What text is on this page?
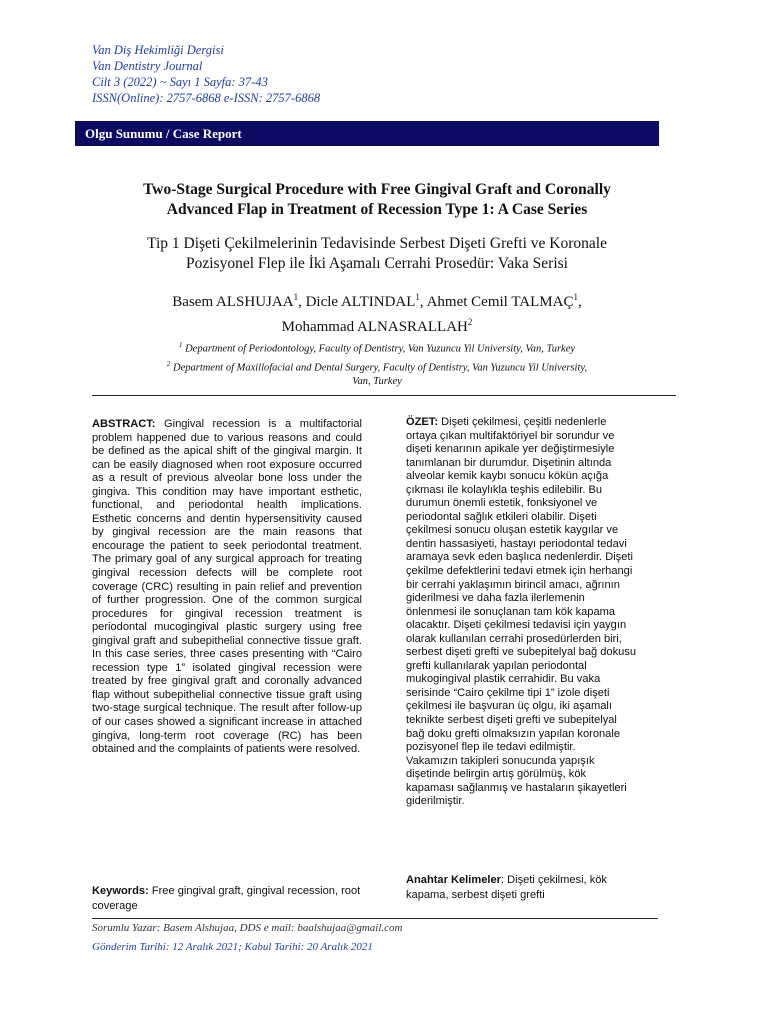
Van Diş Hekimliği Dergisi
Van Dentistry Journal
Cilt 3 (2022) ~ Sayı 1 Sayfa: 37-43
ISSN(Online): 2757-6868 e-ISSN: 2757-6868
Olgu Sunumu / Case Report
Two-Stage Surgical Procedure with Free Gingival Graft and Coronally
Advanced Flap in Treatment of Recession Type 1: A Case Series
Tip 1 Dişeti Çekilmelerinin Tedavisinde Serbest Dişeti Grefti ve Koronale
Pozisyonel Flep ile İki Aşamalı Cerrahi Prosedür: Vaka Serisi
Basem ALSHUJAA$^1$, Dicle ALTINDAL$^1$, Ahmet Cemil TALMAÇ$^1$,
Mohammad ALNASRALLAH$^2$
$^1$ Department of Periodontology, Faculty of Dentistry, Van Yuzuncu Yil University, Van, Turkey
$^2$ Department of Maxillofacial and Dental Surgery, Faculty of Dentistry, Van Yuzuncu Yil University,
Van, Turkey
ABSTRACT: Gingival recession is a multifactorial problem happened due to various reasons and could be defined as the apical shift of the gingival margin. It can be easily diagnosed when root exposure occurred as a result of previous alveolar bone loss under the gingiva. This condition may have important esthetic, functional, and periodontal health implications. Esthetic concerns and dentin hypersensitivity caused by gingival recession are the main reasons that encourage the patient to seek periodontal treatment. The primary goal of any surgical approach for treating gingival recession defects will be complete root coverage (CRC) resulting in pain relief and prevention of further progression. One of the common surgical procedures for gingival recession treatment is periodontal mucogingival plastic surgery using free gingival graft and subepithelial connective tissue graft. In this case series, three cases presenting with “Cairo recession type 1” isolated gingival recession were treated by free gingival graft and coronally advanced flap without subepithelial connective tissue graft using two-stage surgical technique. The result after follow-up of our cases showed a significant increase in attached gingiva, long-term root coverage (RC) has been obtained and the complaints of patients were resolved.
ÖZET: Dişeti çekilmesi, çeşitli nedenlerle
ortaya çıkan multifaktöriyel bir sorundur ve
dişeti kenarının apikale yer değiştirmesiyle
tanımlanan bir durumdur. Dişetinin altında
alveolar kemik kaybı sonucu kökün açığa
çıkması ile kolaylıkla teşhis edilebilir. Bu
durumun önemli estetik, fonksiyonel ve
periodontal sağlık etkileri olabilir. Dişeti
çekilmesi sonucu oluşan estetik kaygılar ve
dentin hassasiyeti, hastayı periodontal tedavi
aramaya sevk eden başlıca nedenlerdir. Dişeti
çekilme defektlerini tedavi etmek için herhangi
bir cerrahi yaklaşımın birincil amacı, ağrının
giderilmesi ve daha fazla ilerlemenin
önlenmesi ile sonuçlanan tam kök kapama
olacaktır. Dişeti çekilmesi tedavisi için yaygın
olarak kullanılan cerrahi prosedürlerden biri,
serbest dişeti grefti ve subepitelyal bağ dokusu
grefti kullanılarak yapılan periodontal
mukogingival plastik cerrahidir. Bu vaka
serisinde “Cairo çekilme tipi 1” izole dişeti
çekilmesi ile başvuran üç olgu, iki aşamalı
teknikte serbest dişeti grefti ve subepitelyal
bağ doku grefti olmaksızın yapılan koronale
pozisyonel flep ile tedavi edilmiştir.
Vakamızın takipleri sonucunda yapışık
dişetinde belirgin artış görülmüş, kök
kapaması sağlanmış ve hastaların şikayetleri
giderilmiştir.
Keywords: Free gingival graft, gingival recession, root coverage
Anahtar Kelimeler: Dişeti çekilmesi, kök
kapama, serbest dişeti grefti
Sorumlu Yazar: Basem Alshujaa, DDS e mail: baalshujaa@gmail.com
Gönderim Tarihi: 12 Aralık 2021; Kabul Tarihi: 20 Aralık 2021
